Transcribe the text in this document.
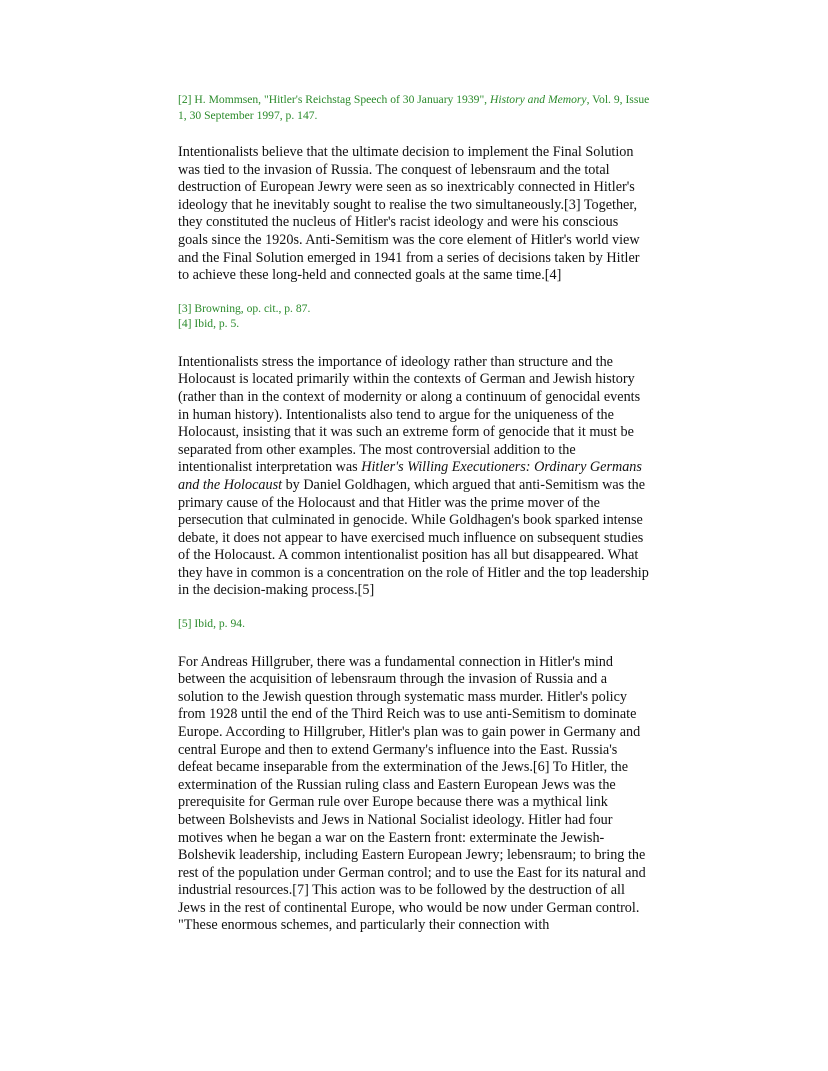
[2] H. Mommsen, "Hitler's Reichstag Speech of 30 January 1939", History and Memory, Vol. 9, Issue 1, 30 September 1997, p. 147.

Intentionalists believe that the ultimate decision to implement the Final Solution was tied to the invasion of Russia. The conquest of lebensraum and the total destruction of European Jewry were seen as so inextricably connected in Hitler's ideology that he inevitably sought to realise the two simultaneously.[3] Together, they constituted the nucleus of Hitler's racist ideology and were his conscious goals since the 1920s. Anti-Semitism was the core element of Hitler's world view and the Final Solution emerged in 1941 from a series of decisions taken by Hitler to achieve these long-held and connected goals at the same time.[4]

[3] Browning, op. cit., p. 87.

[4] Ibid, p. 5.

Intentionalists stress the importance of ideology rather than structure and the Holocaust is located primarily within the contexts of German and Jewish history (rather than in the context of modernity or along a continuum of genocidal events in human history). Intentionalists also tend to argue for the uniqueness of the Holocaust, insisting that it was such an extreme form of genocide that it must be separated from other examples. The most controversial addition to the intentionalist interpretation was Hitler's Willing Executioners: Ordinary Germans and the Holocaust by Daniel Goldhagen, which argued that anti-Semitism was the primary cause of the Holocaust and that Hitler was the prime mover of the persecution that culminated in genocide. While Goldhagen's book sparked intense debate, it does not appear to have exercised much influence on subsequent studies of the Holocaust. A common intentionalist position has all but disappeared. What they have in common is a concentration on the role of Hitler and the top leadership in the decision-making process.[5]

[5] Ibid, p. 94.

For Andreas Hillgruber, there was a fundamental connection in Hitler's mind between the acquisition of lebensraum through the invasion of Russia and a solution to the Jewish question through systematic mass murder. Hitler's policy from 1928 until the end of the Third Reich was to use anti-Semitism to dominate Europe. According to Hillgruber, Hitler's plan was to gain power in Germany and central Europe and then to extend Germany's influence into the East. Russia's defeat became inseparable from the extermination of the Jews.[6] To Hitler, the extermination of the Russian ruling class and Eastern European Jews was the prerequisite for German rule over Europe because there was a mythical link between Bolshevists and Jews in National Socialist ideology. Hitler had four motives when he began a war on the Eastern front: exterminate the Jewish-Bolshevik leadership, including Eastern European Jewry; lebensraum; to bring the rest of the population under German control; and to use the East for its natural and industrial resources.[7] This action was to be followed by the destruction of all Jews in the rest of continental Europe, who would be now under German control. "These enormous schemes, and particularly their connection with
